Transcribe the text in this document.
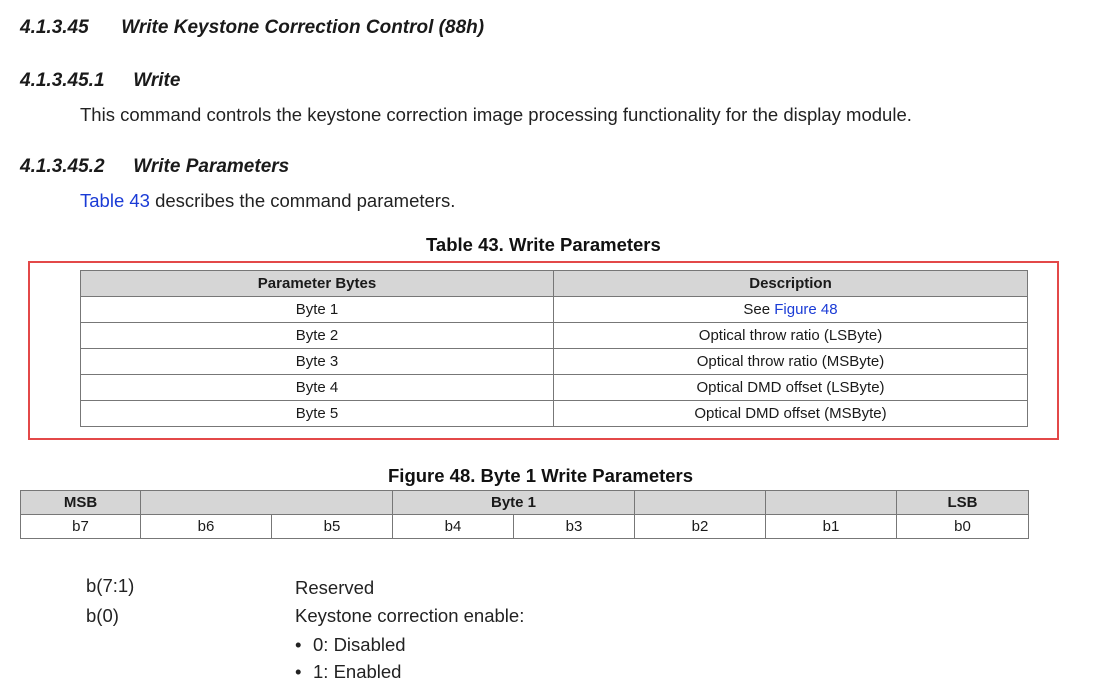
4.1.3.45 Write Keystone Correction Control (88h)
4.1.3.45.1 Write
This command controls the keystone correction image processing functionality for the display module.
4.1.3.45.2 Write Parameters
Table 43 describes the command parameters.
Table 43. Write Parameters
Parameter Bytes	Description
Byte 1	See Figure 48
Byte 2	Optical throw ratio (LSByte)
Byte 3	Optical throw ratio (MSByte)
Byte 4	Optical DMD offset (LSByte)
Byte 5	Optical DMD offset (MSByte)
Figure 48. Byte 1 Write Parameters
MSB			Byte 1				LSB
b7	b6	b5	b4	b3	b2	b1	b0
b(7:1)	Reserved
b(0)	Keystone correction enable:
• 0: Disabled
• 1: Enabled
